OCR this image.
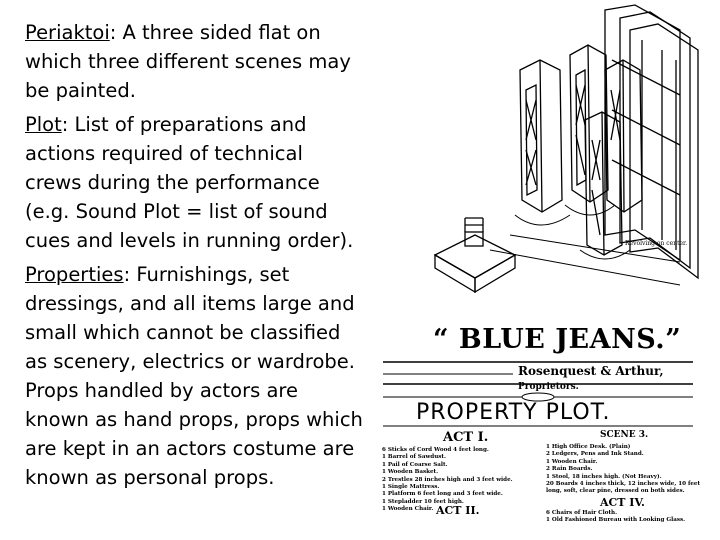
Periaktoi: A three sided flat on which three different scenes may be painted.

Plot: List of preparations and actions required of technical crews during the performance (e.g. Sound Plot = list of sound cues and levels in running order).

Properties: Furnishings, set dressings, and all items large and small which cannot be classified as scenery, electrics or wardrobe. Props handled by actors are known as hand props, props which are kept in an actors costume are known as personal props.

Revolving on center.
“ BLUE JEANS.”
Rosenquest & Arthur, Proprietors.
PROPERTY PLOT.
ACT I.	SCENE 3.
6 Sticks of Cord Wood 4 feet long.
1 Barrel of Sawdust.
1 Pail of Coarse Salt.
1 Wooden Basket.
2 Trestles 28 inches high and 3 feet wide.
1 Single Mattress.
1 Platform 6 feet long and 3 feet wide.
1 Stepladder 10 feet high.
1 Wooden Chair.
1 High Office Desk. (Plain)
2 Ledgers, Pens and Ink Stand.
1 Wooden Chair.
2 Rain Boards.
1 Stool, 18 inches high. (Not Heavy).
20 Boards 4 inches thick, 12 inches wide, 10 feet
long, soft, clear pine, dressed on both sides.
ACT IV.
6 Chairs of Hair Cloth.
1 Old Fashioned Bureau with Looking Glass.
ACT II.
